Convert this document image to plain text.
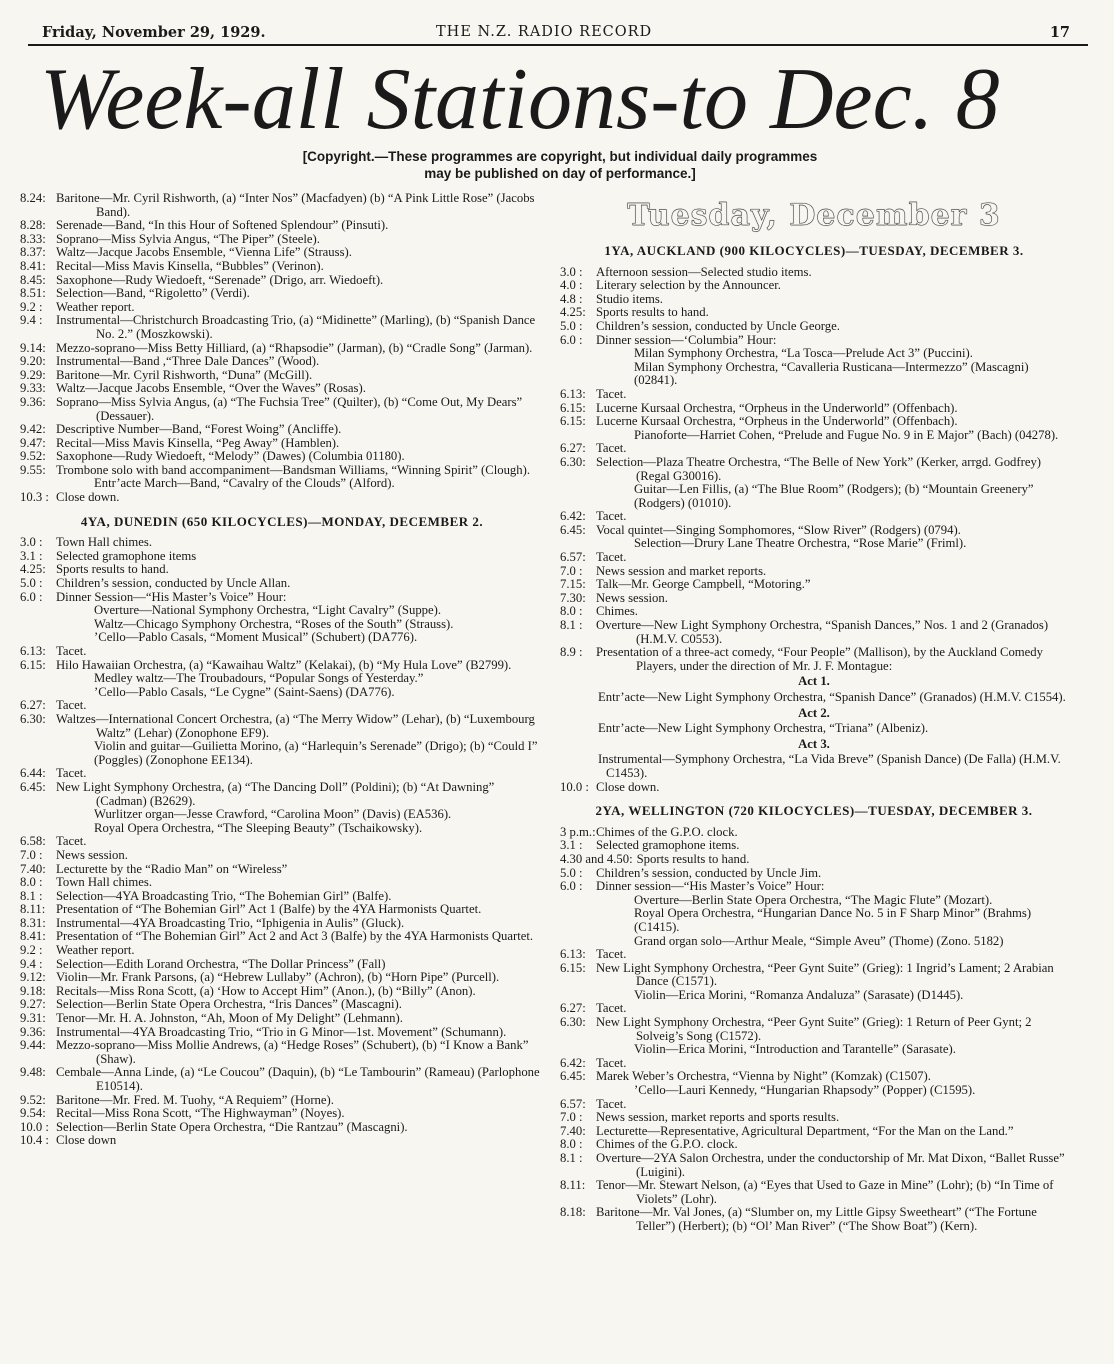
Friday, November 29, 1929.	THE N.Z. RADIO RECORD	17
Week-all Stations-to Dec. 8
[Copyright.—These programmes are copyright, but individual daily programmes may be published on day of performance.]
8.24: Baritone—Mr. Cyril Rishworth, (a) “Inter Nos” (Macfadyen) (b) “A Pink Little Rose” (Jacobs Band).
8.28: Serenade—Band, “In this Hour of Softened Splendour” (Pinsuti).
8.33: Soprano—Miss Sylvia Angus, “The Piper” (Steele).
8.37: Waltz—Jacque Jacobs Ensemble, “Vienna Life” (Strauss).
8.41: Recital—Miss Mavis Kinsella, “Bubbles” (Verinon).
8.45: Saxophone—Rudy Wiedoeft, “Serenade” (Drigo, arr. Wiedoeft).
8.51: Selection—Band, “Rigoletto” (Verdi).
9.2 :	Weather report.
9.4 :	Instrumental—Christchurch Broadcasting Trio, (a) “Midinette” (Marling), (b) “Spanish Dance No. 2.” (Moszkowski).
9.14: Mezzo-soprano—Miss Betty Hilliard, (a) “Rhapsodie” (Jarman), (b) “Cradle Song” (Jarman).
9.20: Instrumental—Band ,“Three Dale Dances” (Wood).
9.29: Baritone—Mr. Cyril Rishworth, “Duna” (McGill).
9.33: Waltz—Jacque Jacobs Ensemble, “Over the Waves” (Rosas).
9.36: Soprano—Miss Sylvia Angus, (a) “The Fuchsia Tree” (Quilter), (b) “Come Out, My Dears” (Dessauer).
9.42: Descriptive Number—Band, “Forest Woing” (Ancliffe).
9.47: Recital—Miss Mavis Kinsella, “Peg Away” (Hamblen).
9.52: Saxophone—Rudy Wiedoeft, “Melody” (Dawes) (Columbia 01180).
9.55: Trombone solo with band accompaniment—Bandsman Williams, “Winning Spirit” (Clough).
Entr’acte March—Band, “Cavalry of the Clouds” (Alford).
10.3 : Close down.
4YA, DUNEDIN (650 KILOCYCLES)—MONDAY, DECEMBER 2.
3.0 :	Town Hall chimes.
3.1 :	Selected gramophone items
4.25: Sports results to hand.
5.0 :	Children’s session, conducted by Uncle Allan.
6.0 :	Dinner Session—“His Master’s Voice” Hour:
Overture—National Symphony Orchestra, “Light Cavalry” (Suppe).
Waltz—Chicago Symphony Orchestra, “Roses of the South” (Strauss).
’Cello—Pablo Casals, “Moment Musical” (Schubert) (DA776).
6.13: Tacet.
6.15: Hilo Hawaiian Orchestra, (a) “Kawaihau Waltz” (Kelakai), (b) “My Hula Love” (B2799).
Medley waltz—The Troubadours, “Popular Songs of Yesterday.”
’Cello—Pablo Casals, “Le Cygne” (Saint-Saens) (DA776).
6.27: Tacet.
6.30: Waltzes—International Concert Orchestra, (a) “The Merry Widow” (Lehar), (b) “Luxembourg Waltz” (Lehar) (Zonophone EF9).
Violin and guitar—Guilietta Morino, (a) “Harlequin’s Serenade” (Drigo); (b) “Could I” (Poggles) (Zonophone EE134).
6.44: Tacet.
6.45: New Light Symphony Orchestra, (a) “The Dancing Doll” (Poldini); (b) “At Dawning” (Cadman) (B2629).
Wurlitzer organ—Jesse Crawford, “Carolina Moon” (Davis) (EA536).
Royal Opera Orchestra, “The Sleeping Beauty” (Tschaikowsky).
6.58: Tacet.
7.0 :	News session.
7.40: Lecturette by the “Radio Man” on “Wireless”
8.0 :	Town Hall chimes.
8.1 :	Selection—4YA Broadcasting Trio, “The Bohemian Girl” (Balfe).
8.11: Presentation of “The Bohemian Girl” Act 1 (Balfe) by the 4YA Harmonists Quartet.
8.31: Instrumental—4YA Broadcasting Trio, “Iphigenia in Aulis” (Gluck).
8.41: Presentation of “The Bohemian Girl” Act 2 and Act 3 (Balfe) by the 4YA Harmonists Quartet.
9.2 :	Weather report.
9.4 :	Selection—Edith Lorand Orchestra, “The Dollar Princess” (Fall)
9.12: Violin—Mr. Frank Parsons, (a) “Hebrew Lullaby” (Achron), (b) “Horn Pipe” (Purcell).
9.18: Recitals—Miss Rona Scott, (a) ‘How to Accept Him” (Anon.), (b) “Billy” (Anon).
9.27: Selection—Berlin State Opera Orchestra, “Iris Dances” (Mascagni).
9.31: Tenor—Mr. H. A. Johnston, “Ah, Moon of My Delight” (Lehmann).
9.36: Instrumental—4YA Broadcasting Trio, “Trio in G Minor—1st. Movement” (Schumann).
9.44: Mezzo-soprano—Miss Mollie Andrews, (a) “Hedge Roses” (Schubert), (b) “I Know a Bank” (Shaw).
9.48: Cembale—Anna Linde, (a) “Le Coucou” (Daquin), (b) “Le Tambourin” (Rameau) (Parlophone E10514).
9.52: Baritone—Mr. Fred. M. Tuohy, “A Requiem” (Horne).
9.54: Recital—Miss Rona Scott, “The Highwayman” (Noyes).
10.0 : Selection—Berlin State Opera Orchestra, “Die Rantzau” (Mascagni).
10.4 : Close down
Tuesday, December 3
1YA, AUCKLAND (900 KILOCYCLES)—TUESDAY, DECEMBER 3.
3.0 :	Afternoon session—Selected studio items.
4.0 :	Literary selection by the Announcer.
4.8 :	Studio items.
4.25: Sports results to hand.
5.0 :	Children’s session, conducted by Uncle George.
6.0 :	Dinner session—‘Columbia” Hour:
Milan Symphony Orchestra, “La Tosca—Prelude Act 3” (Puccini).
Milan Symphony Orchestra, “Cavalleria Rusticana—Intermezzo” (Mascagni) (02841).
6.13: Tacet.
6.15: Lucerne Kursaal Orchestra, “Orpheus in the Underworld” (Offenbach).
6.15: Lucerne Kursaal Orchestra, “Orpheus in the Underworld” (Offenbach).
Pianoforte—Harriet Cohen, “Prelude and Fugue No. 9 in E Major” (Bach) (04278).
6.27: Tacet.
6.30: Selection—Plaza Theatre Orchestra, “The Belle of New York” (Kerker, arrgd. Godfrey) (Regal G30016).
Guitar—Len Fillis, (a) “The Blue Room” (Rodgers); (b) “Mountain Greenery” (Rodgers) (01010).
6.42: Tacet.
6.45: Vocal quintet—Singing Somphomores, “Slow River” (Rodgers) (0794).
Selection—Drury Lane Theatre Orchestra, “Rose Marie” (Friml).
6.57: Tacet.
7.0 :	News session and market reports.
7.15: Talk—Mr. George Campbell, “Motoring.”
7.30: News session.
8.0 :	Chimes.
8.1 :	Overture—New Light Symphony Orchestra, “Spanish Dances,” Nos. 1 and 2 (Granados) (H.M.V. C0553).
8.9 :	Presentation of a three-act comedy, “Four People” (Mallison), by the Auckland Comedy Players, under the direction of Mr. J. F. Montague:
Act 1.
Entr’acte—New Light Symphony Orchestra, “Spanish Dance” (Granados) (H.M.V. C1554).
Act 2.
Entr’acte—New Light Symphony Orchestra, “Triana” (Albeniz).
Act 3.
Instrumental—Symphony Orchestra, “La Vida Breve” (Spanish Dance) (De Falla) (H.M.V. C1453).
10.0 : Close down.
2YA, WELLINGTON (720 KILOCYCLES)—TUESDAY, DECEMBER 3.
3 p.m.: Chimes of the G.P.O. clock.
3.1 :	Selected gramophone items.
4.30 and 4.50: Sports results to hand.
5.0 :	Children’s session, conducted by Uncle Jim.
6.0 :	Dinner session—“His Master’s Voice” Hour:
Overture—Berlin State Opera Orchestra, “The Magic Flute” (Mozart).
Royal Opera Orchestra, “Hungarian Dance No. 5 in F Sharp Minor” (Brahms) (C1415).
Grand organ solo—Arthur Meale, “Simple Aveu” (Thome) (Zono. 5182)
6.13: Tacet.
6.15: New Light Symphony Orchestra, “Peer Gynt Suite” (Grieg): 1 Ingrid’s Lament; 2 Arabian Dance (C1571).
Violin—Erica Morini, “Romanza Andaluza” (Sarasate) (D1445).
6.27: Tacet.
6.30: New Light Symphony Orchestra, “Peer Gynt Suite” (Grieg): 1 Return of Peer Gynt; 2 Solveig’s Song (C1572).
Violin—Erica Morini, “Introduction and Tarantelle” (Sarasate).
6.42: Tacet.
6.45: Marek Weber’s Orchestra, “Vienna by Night” (Komzak) (C1507).
’Cello—Lauri Kennedy, “Hungarian Rhapsody” (Popper) (C1595).
6.57: Tacet.
7.0 :	News session, market reports and sports results.
7.40: Lecturette—Representative, Agricultural Department, “For the Man on the Land.”
8.0 :	Chimes of the G.P.O. clock.
8.1 :	Overture—2YA Salon Orchestra, under the conductorship of Mr. Mat Dixon, “Ballet Russe” (Luigini).
8.11: Tenor—Mr. Stewart Nelson, (a) “Eyes that Used to Gaze in Mine” (Lohr); (b) “In Time of Violets” (Lohr).
8.18: Baritone—Mr. Val Jones, (a) “Slumber on, my Little Gipsy Sweetheart” (“The Fortune Teller”) (Herbert); (b) “Ol’ Man River” (“The Show Boat”) (Kern).
